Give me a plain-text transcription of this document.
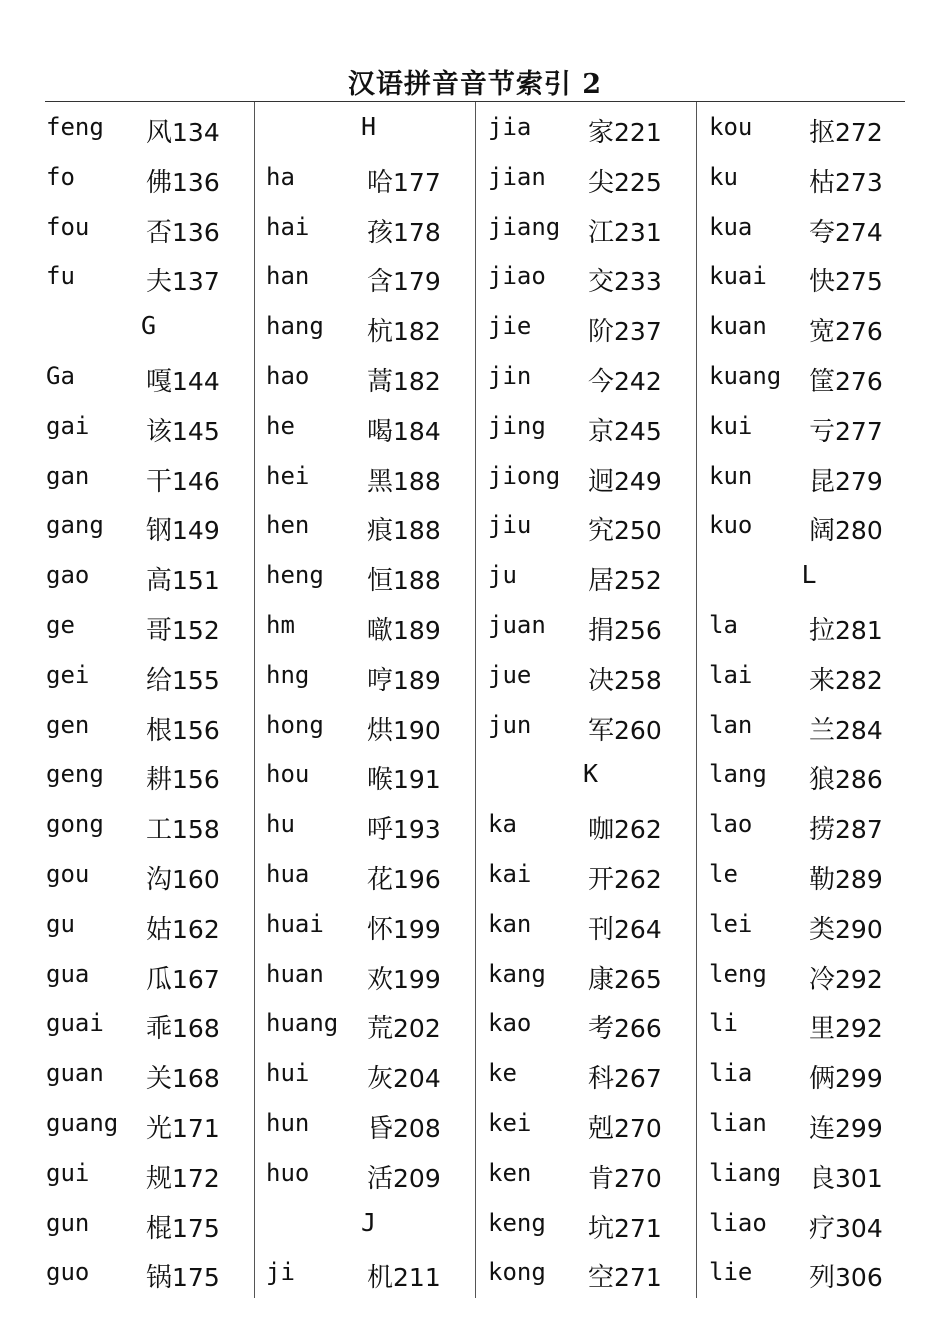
汉语拼音音节索引 2
feng 风134
fo	佛136
fou 否136
fu	夫137
G
Ga	嘎144
gai 该145
gan 干146
gang 钢149
gao 高151
ge	哥152
gei 给155
gen 根156
geng 耕156
gong 工158
gou 沟160
gu	姑162
gua 瓜167
guai 乖168
guan 关168
guang 光171
gui 规172
gun 棍175
guo 锅175
H
ha	哈177
hai 孩178
han 含179
hang 杭182
hao 蒿182
he	喝184
hei 黑188
hen 痕188
heng 恒188
hm	噷189
hng 哼189
hong 烘190
hou 喉191
hu	呼193
hua 花196
huai 怀199
huan 欢199
huang 荒202
hui 灰204
hun 昏208
huo 活209
J
ji	机211
jia 家221
jian 尖225
jiang 江231
jiao 交233
jie 阶237
jin 今242
jing 京245
jiong 迥249
jiu 究250
ju	居252
juan 捐256
jue 决258
jun 军260
K
ka	咖262
kai 开262
kan 刊264
kang 康265
kao 考266
ke	科267
kei 剋270
ken 肯270
keng 坑271
kong 空271
kou 抠272
ku	枯273
kua 夸274
kuai 快275
kuan 宽276
kuang 筐276
kui 亏277
kun 昆279
kuo 阔280
L
la	拉281
lai 来282
lan 兰284
lang 狼286
lao 捞287
le	勒289
lei 类290
leng 冷292
li	里292
lia 俩299
lian 连299
liang 良301
liao 疗304
lie 列306
